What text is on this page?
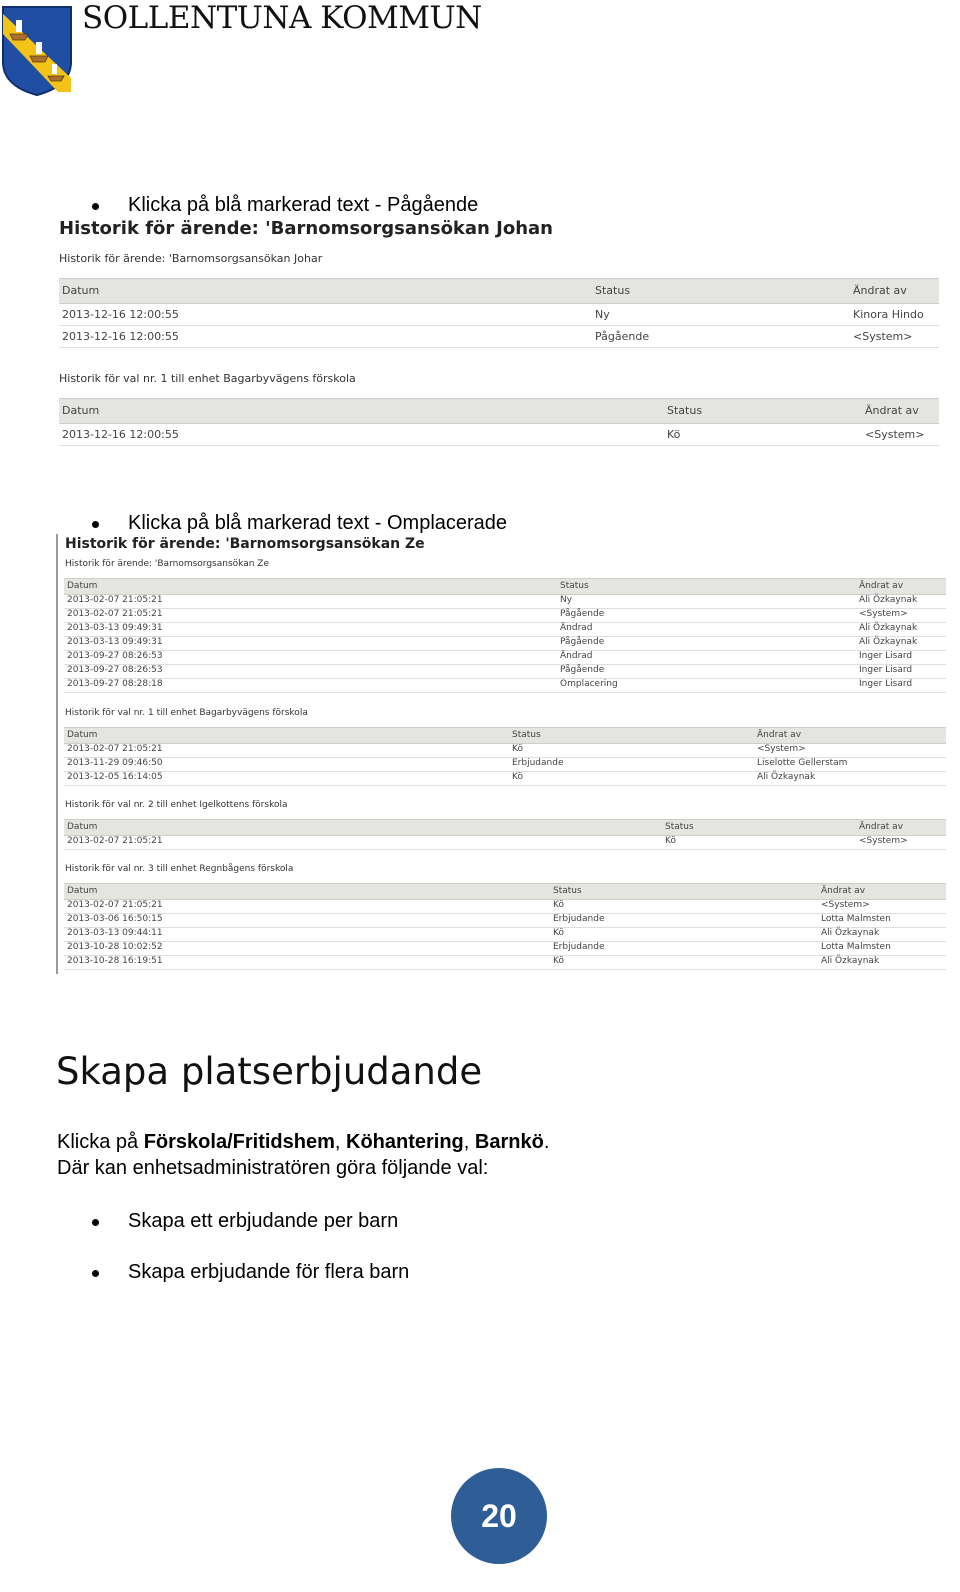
SOLLENTUNA KOMMUN
Klicka på blå markerad text - Pågående
Historik för ärende: 'Barnomsorgsansökan Johan
Historik för ärende: 'Barnomsorgsansökan Johar
Datum	Status	Ändrat av
2013-12-16 12:00:55	Ny	Kinora Hindo
2013-12-16 12:00:55	Pågående	<System>
Historik för val nr. 1 till enhet Bagarbyvägens förskola
Datum	Status	Ändrat av
2013-12-16 12:00:55	Kö	<System>
Klicka på blå markerad text - Omplacerade
Historik för ärende: 'Barnomsorgsansökan Ze
Historik för ärende: 'Barnomsorgsansökan Ze
Datum	Status	Ändrat av
2013-02-07 21:05:21	Ny	Ali Özkaynak
2013-02-07 21:05:21	Pågående	<System>
2013-03-13 09:49:31	Ändrad	Ali Özkaynak
2013-03-13 09:49:31	Pågående	Ali Özkaynak
2013-09-27 08:26:53	Ändrad	Inger Lisard
2013-09-27 08:26:53	Pågående	Inger Lisard
2013-09-27 08:28:18	Omplacering	Inger Lisard
Historik för val nr. 1 till enhet Bagarbyvägens förskola
Datum	Status	Ändrat av
2013-02-07 21:05:21	Kö	<System>
2013-11-29 09:46:50	Erbjudande	Liselotte Gellerstam
2013-12-05 16:14:05	Kö	Ali Özkaynak
Historik för val nr. 2 till enhet Igelkottens förskola
Datum	Status	Ändrat av
2013-02-07 21:05:21	Kö	<System>
Historik för val nr. 3 till enhet Regnbågens förskola
Datum	Status	Ändrat av
2013-02-07 21:05:21	Kö	<System>
2013-03-06 16:50:15	Erbjudande	Lotta Malmsten
2013-03-13 09:44:11	Kö	Ali Özkaynak
2013-10-28 10:02:52	Erbjudande	Lotta Malmsten
2013-10-28 16:19:51	Kö	Ali Özkaynak
Skapa platserbjudande
Klicka på Förskola/Fritidshem, Köhantering, Barnkö.
Där kan enhetsadministratören göra följande val:
Skapa ett erbjudande per barn
Skapa erbjudande för flera barn
20
